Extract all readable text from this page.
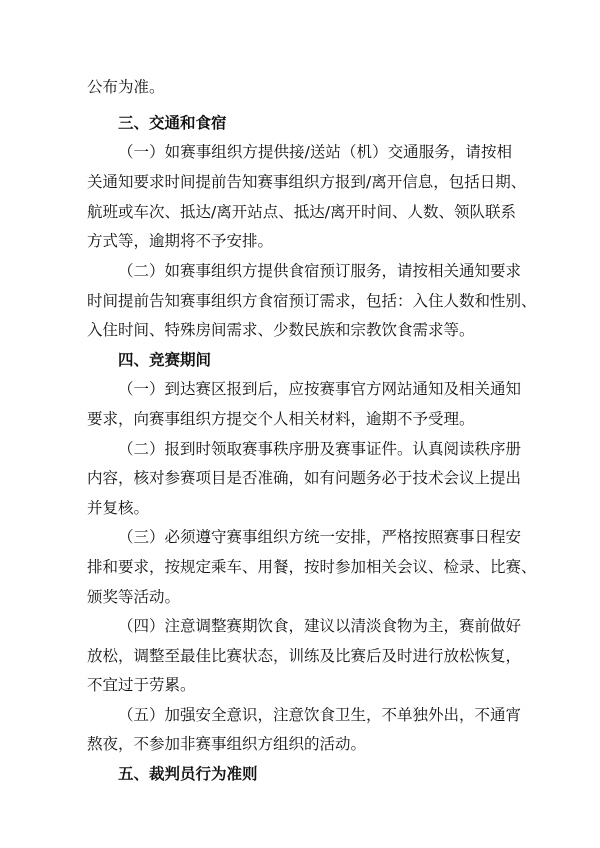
公布为准。
三、交通和食宿
（一）如赛事组织方提供接/送站（机）交通服务，请按相
关通知要求时间提前告知赛事组织方报到/离开信息，包括日期、
航班或车次、抵达/离开站点、抵达/离开时间、人数、领队联系
方式等，逾期将不予安排。
（二）如赛事组织方提供食宿预订服务，请按相关通知要求
时间提前告知赛事组织方食宿预订需求，包括：入住人数和性别、
入住时间、特殊房间需求、少数民族和宗教饮食需求等。
四、竞赛期间
（一）到达赛区报到后，应按赛事官方网站通知及相关通知
要求，向赛事组织方提交个人相关材料，逾期不予受理。
（二）报到时领取赛事秩序册及赛事证件。认真阅读秩序册
内容，核对参赛项目是否准确，如有问题务必于技术会议上提出
并复核。
（三）必须遵守赛事组织方统一安排，严格按照赛事日程安
排和要求，按规定乘车、用餐，按时参加相关会议、检录、比赛、
颁奖等活动。
（四）注意调整赛期饮食，建议以清淡食物为主，赛前做好
放松，调整至最佳比赛状态，训练及比赛后及时进行放松恢复，
不宜过于劳累。
（五）加强安全意识，注意饮食卫生，不单独外出，不通宵
熬夜，不参加非赛事组织方组织的活动。
五、裁判员行为准则
